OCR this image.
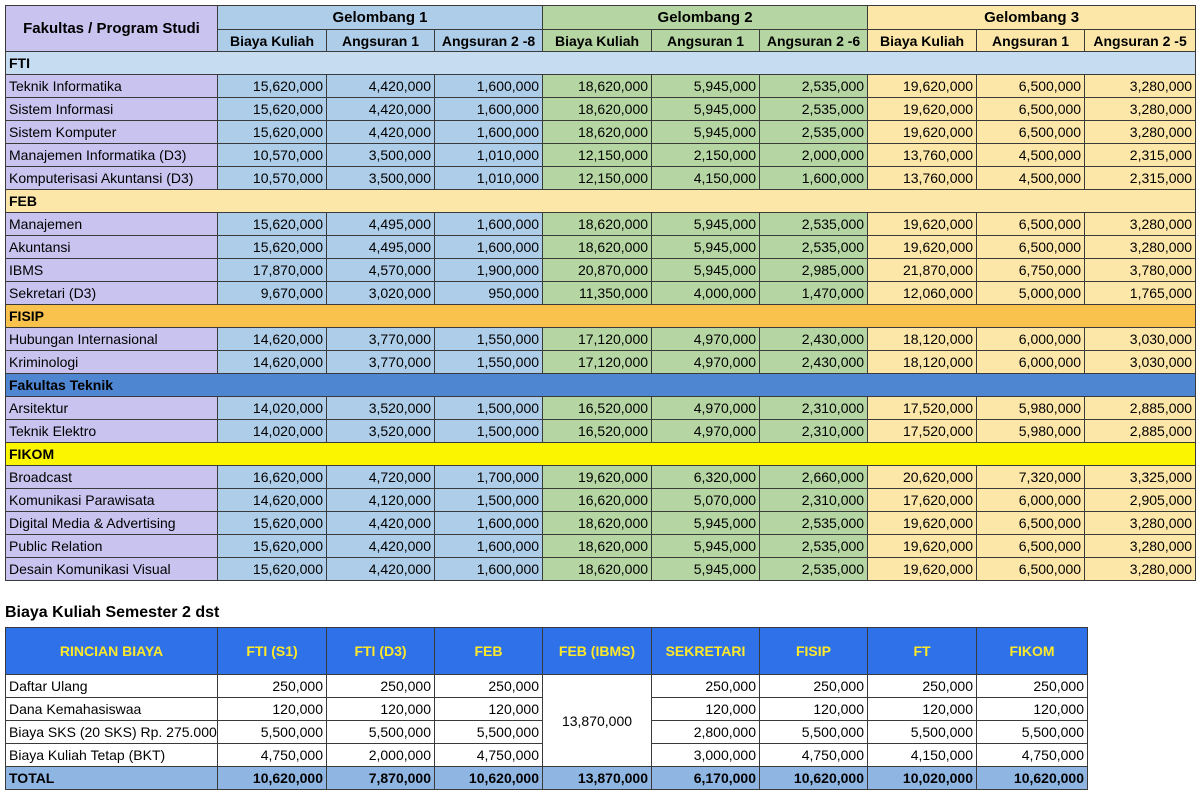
Fakultas / Program Studi	Gelombang 1			Gelombang 2			Gelombang 3		
	Biaya Kuliah	Angsuran 1	Angsuran 2 -8	Biaya Kuliah	Angsuran 1	Angsuran 2 -6	Biaya Kuliah	Angsuran 1	Angsuran 2 -5
FTI									
Teknik Informatika	15,620,000	4,420,000	1,600,000	18,620,000	5,945,000	2,535,000	19,620,000	6,500,000	3,280,000
Sistem Informasi	15,620,000	4,420,000	1,600,000	18,620,000	5,945,000	2,535,000	19,620,000	6,500,000	3,280,000
Sistem Komputer	15,620,000	4,420,000	1,600,000	18,620,000	5,945,000	2,535,000	19,620,000	6,500,000	3,280,000
Manajemen Informatika (D3)	10,570,000	3,500,000	1,010,000	12,150,000	2,150,000	2,000,000	13,760,000	4,500,000	2,315,000
Komputerisasi Akuntansi (D3)	10,570,000	3,500,000	1,010,000	12,150,000	4,150,000	1,600,000	13,760,000	4,500,000	2,315,000
FEB									
Manajemen	15,620,000	4,495,000	1,600,000	18,620,000	5,945,000	2,535,000	19,620,000	6,500,000	3,280,000
Akuntansi	15,620,000	4,495,000	1,600,000	18,620,000	5,945,000	2,535,000	19,620,000	6,500,000	3,280,000
IBMS	17,870,000	4,570,000	1,900,000	20,870,000	5,945,000	2,985,000	21,870,000	6,750,000	3,780,000
Sekretari (D3)	9,670,000	3,020,000	950,000	11,350,000	4,000,000	1,470,000	12,060,000	5,000,000	1,765,000
FISIP									
Hubungan Internasional	14,620,000	3,770,000	1,550,000	17,120,000	4,970,000	2,430,000	18,120,000	6,000,000	3,030,000
Kriminologi	14,620,000	3,770,000	1,550,000	17,120,000	4,970,000	2,430,000	18,120,000	6,000,000	3,030,000
Fakultas Teknik									
Arsitektur	14,020,000	3,520,000	1,500,000	16,520,000	4,970,000	2,310,000	17,520,000	5,980,000	2,885,000
Teknik Elektro	14,020,000	3,520,000	1,500,000	16,520,000	4,970,000	2,310,000	17,520,000	5,980,000	2,885,000
FIKOM									
Broadcast	16,620,000	4,720,000	1,700,000	19,620,000	6,320,000	2,660,000	20,620,000	7,320,000	3,325,000
Komunikasi Parawisata	14,620,000	4,120,000	1,500,000	16,620,000	5,070,000	2,310,000	17,620,000	6,000,000	2,905,000
Digital Media & Advertising	15,620,000	4,420,000	1,600,000	18,620,000	5,945,000	2,535,000	19,620,000	6,500,000	3,280,000
Public Relation	15,620,000	4,420,000	1,600,000	18,620,000	5,945,000	2,535,000	19,620,000	6,500,000	3,280,000
Desain Komunikasi Visual	15,620,000	4,420,000	1,600,000	18,620,000	5,945,000	2,535,000	19,620,000	6,500,000	3,280,000
Biaya Kuliah Semester 2 dst
RINCIAN BIAYA	FTI (S1)	FTI (D3)	FEB	FEB (IBMS)	SEKRETARI	FISIP	FT	FIKOM
Daftar Ulang	250,000	250,000	250,000	13,870,000	250,000	250,000	250,000	250,000
Dana Kemahasiswaa	120,000	120,000	120,000		120,000	120,000	120,000	120,000
Biaya SKS (20 SKS) Rp. 275.000	5,500,000	5,500,000	5,500,000		2,800,000	5,500,000	5,500,000	5,500,000
Biaya Kuliah Tetap (BKT)	4,750,000	2,000,000	4,750,000		3,000,000	4,750,000	4,150,000	4,750,000
TOTAL	10,620,000	7,870,000	10,620,000	13,870,000	6,170,000	10,620,000	10,020,000	10,620,000
